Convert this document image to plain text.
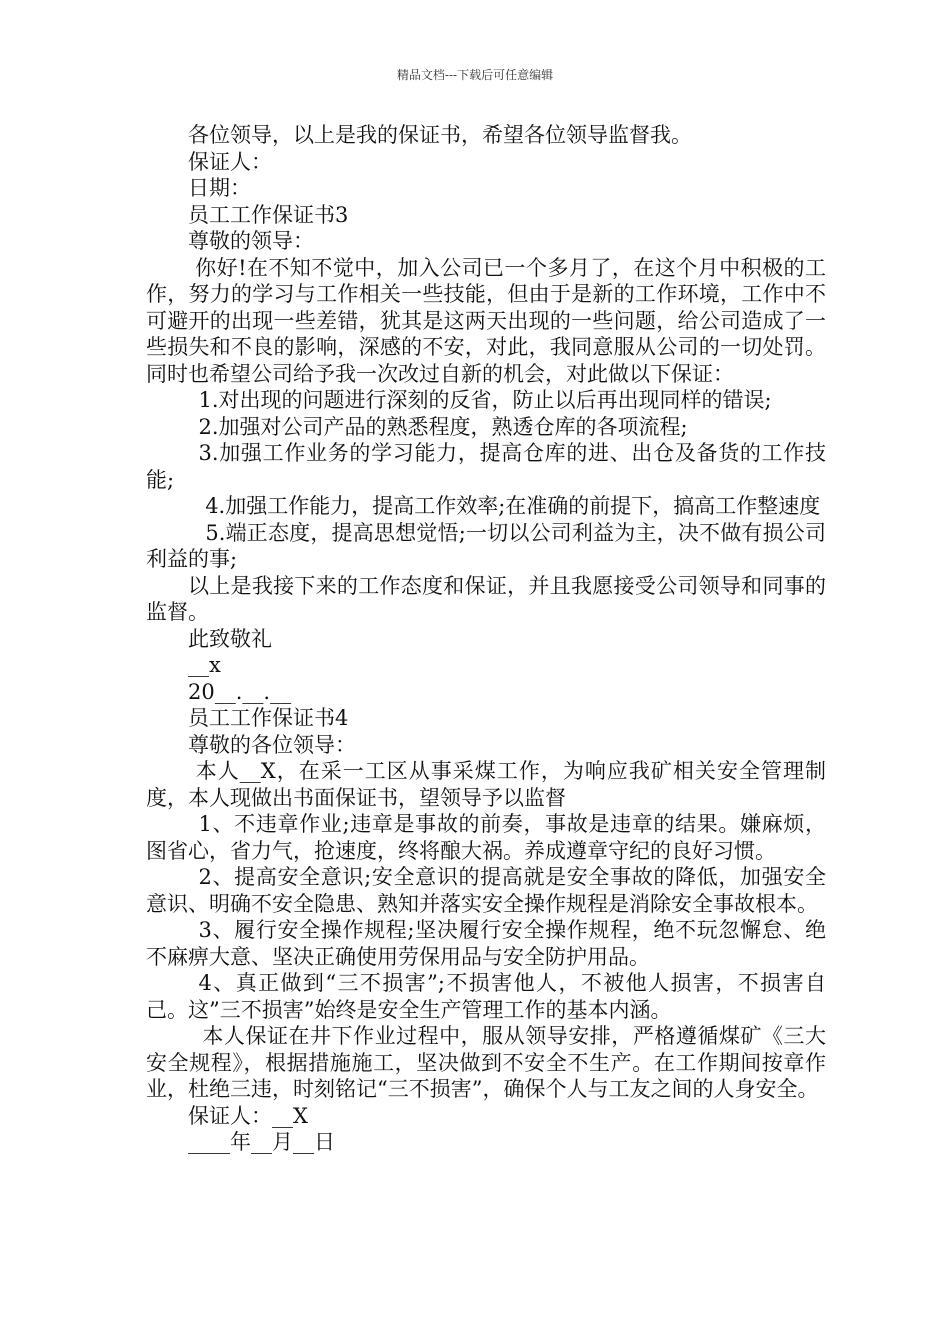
精品文档---下载后可任意编辑

各位领导，以上是我的保证书，希望各位领导监督我。

保证人：

日期：

员工工作保证书3

尊敬的领导：

你好!在不知不觉中，加入公司已一个多月了，在这个月中积极的工作，努力的学习与工作相关一些技能，但由于是新的工作环境，工作中不可避开的出现一些差错，犹其是这两天出现的一些问题，给公司造成了一些损失和不良的影响，深感的不安，对此，我同意服从公司的一切处罚。同时也希望公司给予我一次改过自新的机会，对此做以下保证：

1.对出现的问题进行深刻的反省，防止以后再出现同样的错误;

2.加强对公司产品的熟悉程度，熟透仓库的各项流程;

3.加强工作业务的学习能力，提高仓库的进、出仓及备货的工作技能;

4.加强工作能力，提高工作效率;在准确的前提下，搞高工作整速度

5.端正态度，提高思想觉悟;一切以公司利益为主，决不做有损公司利益的事;

以上是我接下来的工作态度和保证，并且我愿接受公司领导和同事的监督。

此致敬礼

__x

20__.__.__

员工工作保证书4

尊敬的各位领导：

本人__X，在采一工区从事采煤工作，为响应我矿相关安全管理制度，本人现做出书面保证书，望领导予以监督

1、不违章作业;违章是事故的前奏，事故是违章的结果。嫌麻烦，图省心，省力气，抢速度，终将酿大祸。养成遵章守纪的良好习惯。

2、提高安全意识;安全意识的提高就是安全事故的降低，加强安全意识、明确不安全隐患、熟知并落实安全操作规程是消除安全事故根本。

3、履行安全操作规程;坚决履行安全操作规程，绝不玩忽懈怠、绝不麻痹大意、坚决正确使用劳保用品与安全防护用品。

4、真正做到“三不损害”;不损害他人，不被他人损害，不损害自己。这”三不损害”始终是安全生产管理工作的基本内涵。

本人保证在井下作业过程中，服从领导安排，严格遵循煤矿《三大安全规程》，根据措施施工，坚决做到不安全不生产。在工作期间按章作业，杜绝三违，时刻铭记“三不损害”，确保个人与工友之间的人身安全。

保证人：__X

____年__月__日
